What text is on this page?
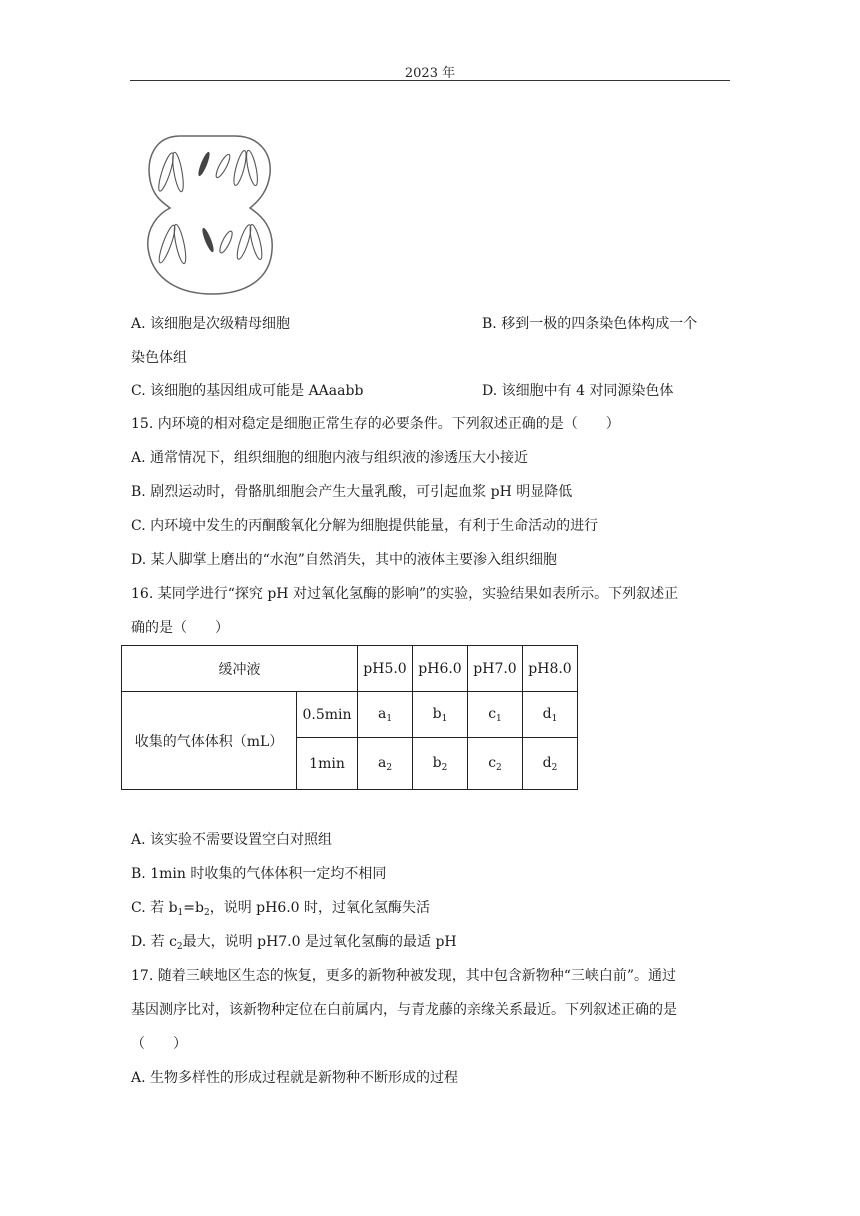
2023 年
A. 该细胞是次级精母细胞	B. 移到一极的四条染色体构成一个
染色体组
C. 该细胞的基因组成可能是 AAaabb	D. 该细胞中有 4 对同源染色体
15. 内环境的相对稳定是细胞正常生存的必要条件。下列叙述正确的是（　　）
A. 通常情况下，组织细胞的细胞内液与组织液的渗透压大小接近
B. 剧烈运动时，骨骼肌细胞会产生大量乳酸，可引起血浆 pH 明显降低
C. 内环境中发生的丙酮酸氧化分解为细胞提供能量，有利于生命活动的进行
D. 某人脚掌上磨出的“水泡”自然消失，其中的液体主要渗入组织细胞
16. 某同学进行“探究 pH 对过氧化氢酶的影响”的实验，实验结果如表所示。下列叙述正
确的是（　　）
缓冲液		pH5.0	pH6.0	pH7.0	pH8.0
收集的气体体积（mL）	0.5min	$a_1$	$b_1$	$c_1$	$d_1$
	1min	$a_2$	$b_2$	$c_2$	$d_2$
A. 该实验不需要设置空白对照组
B. 1min 时收集的气体体积一定均不相同
C. 若 $b_1=b_2$，说明 pH6.0 时，过氧化氢酶失活
D. 若 $c_2$最大，说明 pH7.0 是过氧化氢酶的最适 pH
17. 随着三峡地区生态的恢复，更多的新物种被发现，其中包含新物种“三峡白前”。通过
基因测序比对，该新物种定位在白前属内，与青龙藤的亲缘关系最近。下列叙述正确的是
（　　）
A. 生物多样性的形成过程就是新物种不断形成的过程
